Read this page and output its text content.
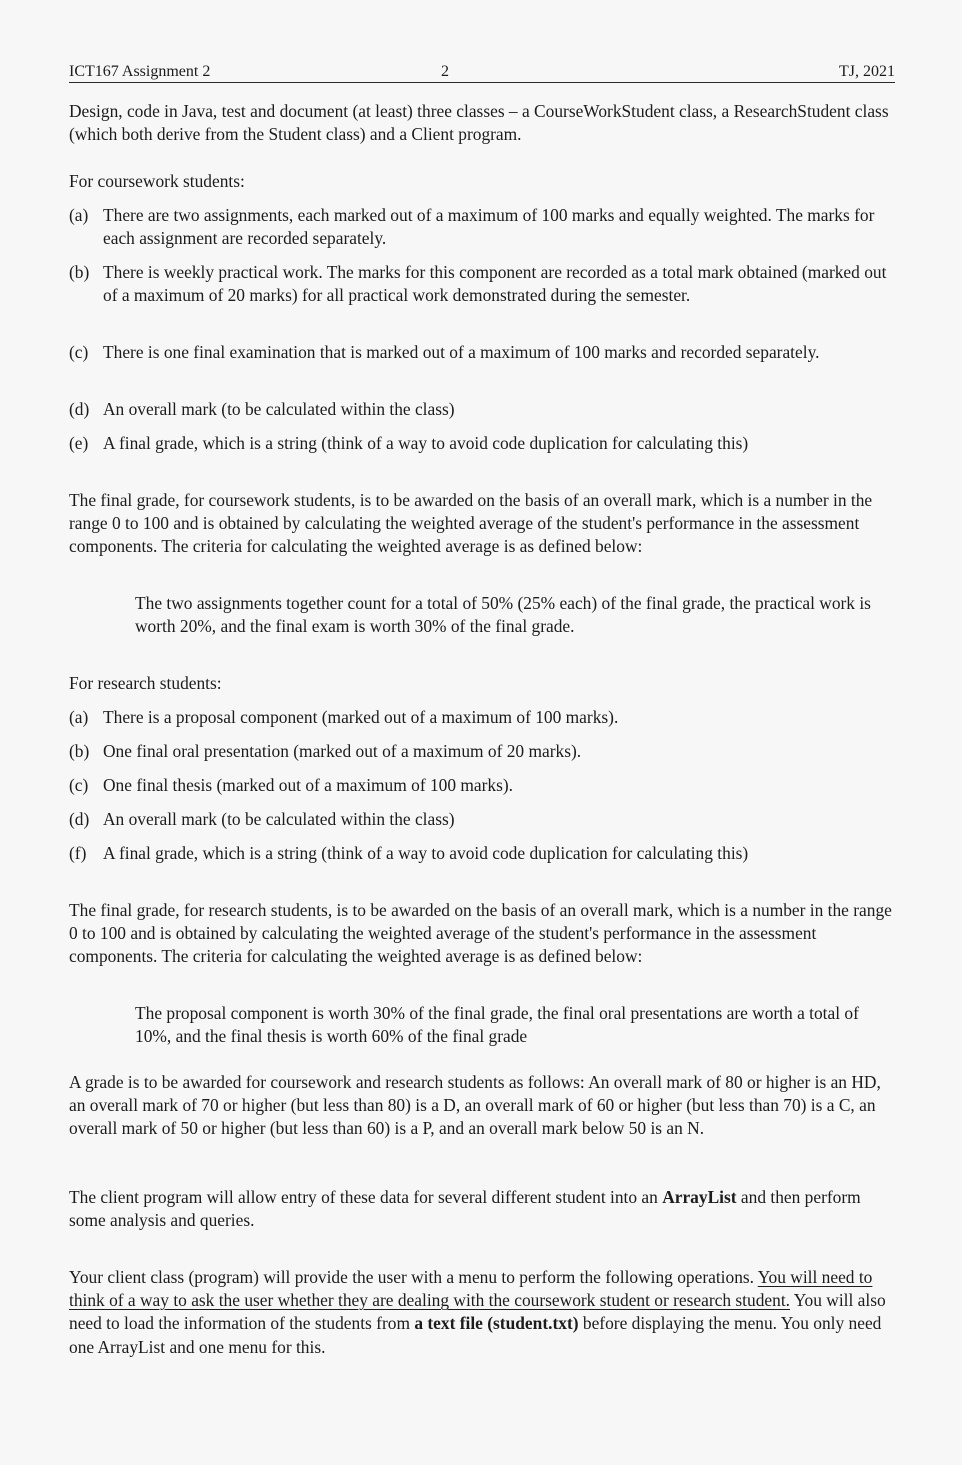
ICT167 Assignment 2	2	TJ, 2021

Design, code in Java, test and document (at least) three classes – a CourseWorkStudent class, a ResearchStudent class (which both derive from the Student class) and a Client program.

For coursework students:

(a) There are two assignments, each marked out of a maximum of 100 marks and equally weighted. The marks for each assignment are recorded separately.
(b) There is weekly practical work. The marks for this component are recorded as a total mark obtained (marked out of a maximum of 20 marks) for all practical work demonstrated during the semester.
(c) There is one final examination that is marked out of a maximum of 100 marks and recorded separately.
(d) An overall mark (to be calculated within the class)
(e) A final grade, which is a string (think of a way to avoid code duplication for calculating this)

The final grade, for coursework students, is to be awarded on the basis of an overall mark, which is a number in the range 0 to 100 and is obtained by calculating the weighted average of the student's performance in the assessment components. The criteria for calculating the weighted average is as defined below:

The two assignments together count for a total of 50% (25% each) of the final grade, the practical work is worth 20%, and the final exam is worth 30% of the final grade.

For research students:

(a) There is a proposal component (marked out of a maximum of 100 marks).
(b) One final oral presentation (marked out of a maximum of 20 marks).
(c) One final thesis (marked out of a maximum of 100 marks).
(d) An overall mark (to be calculated within the class)
(f) A final grade, which is a string (think of a way to avoid code duplication for calculating this)

The final grade, for research students, is to be awarded on the basis of an overall mark, which is a number in the range 0 to 100 and is obtained by calculating the weighted average of the student's performance in the assessment components. The criteria for calculating the weighted average is as defined below:

The proposal component is worth 30% of the final grade, the final oral presentations are worth a total of 10%, and the final thesis is worth 60% of the final grade

A grade is to be awarded for coursework and research students as follows: An overall mark of 80 or higher is an HD, an overall mark of 70 or higher (but less than 80) is a D, an overall mark of 60 or higher (but less than 70) is a C, an overall mark of 50 or higher (but less than 60) is a P, and an overall mark below 50 is an N.

The client program will allow entry of these data for several different student into an ArrayList and then perform some analysis and queries.

Your client class (program) will provide the user with a menu to perform the following operations. You will need to think of a way to ask the user whether they are dealing with the coursework student or research student. You will also need to load the information of the students from a text file (student.txt) before displaying the menu. You only need one ArrayList and one menu for this.
